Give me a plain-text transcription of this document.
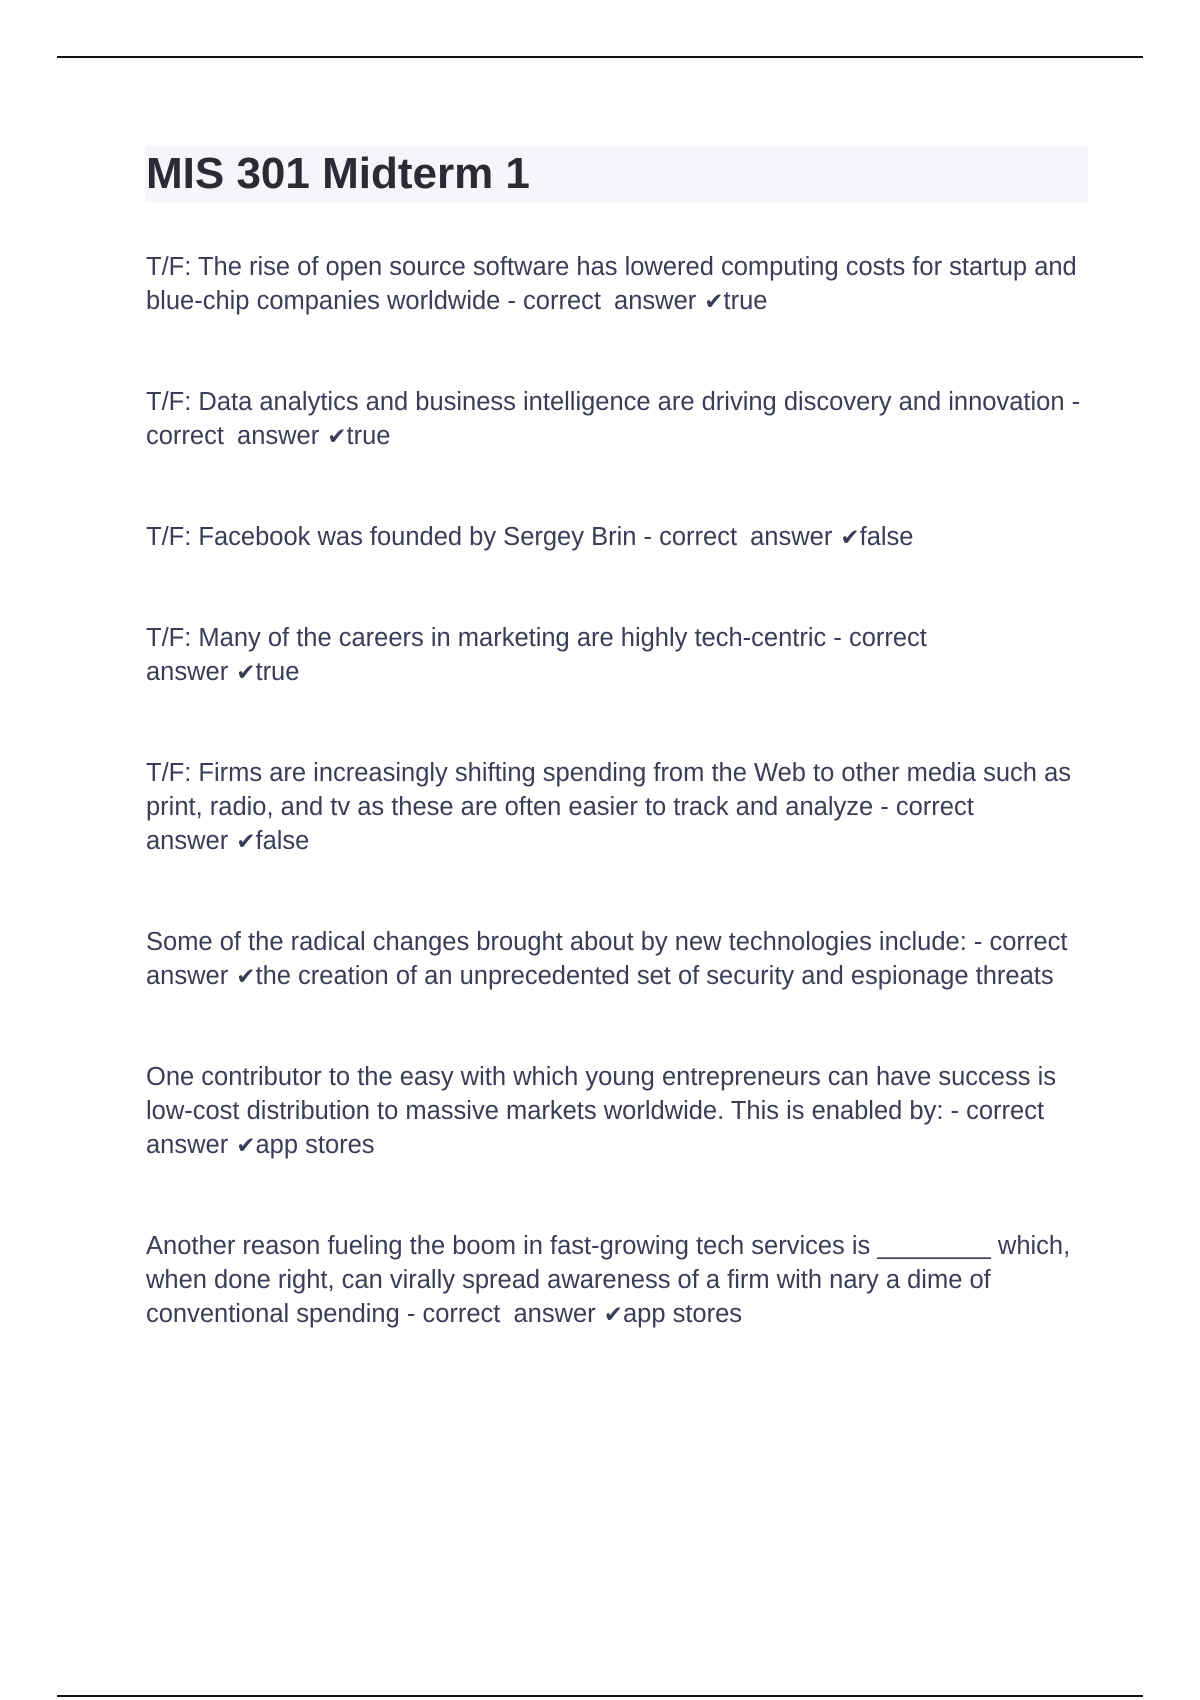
MIS 301 Midterm 1

T/F: The rise of open source software has lowered computing costs for startup and blue-chip companies worldwide - correct answer ✔true

T/F: Data analytics and business intelligence are driving discovery and innovation - correct answer ✔true

T/F: Facebook was founded by Sergey Brin - correct answer ✔false

T/F: Many of the careers in marketing are highly tech-centric - correct answer ✔true

T/F: Firms are increasingly shifting spending from the Web to other media such as print, radio, and tv as these are often easier to track and analyze - correct answer ✔false

Some of the radical changes brought about by new technologies include: - correct answer ✔the creation of an unprecedented set of security and espionage threats

One contributor to the easy with which young entrepreneurs can have success is low-cost distribution to massive markets worldwide. This is enabled by: - correct answer ✔app stores

Another reason fueling the boom in fast-growing tech services is ________ which, when done right, can virally spread awareness of a firm with nary a dime of conventional spending - correct answer ✔app stores
